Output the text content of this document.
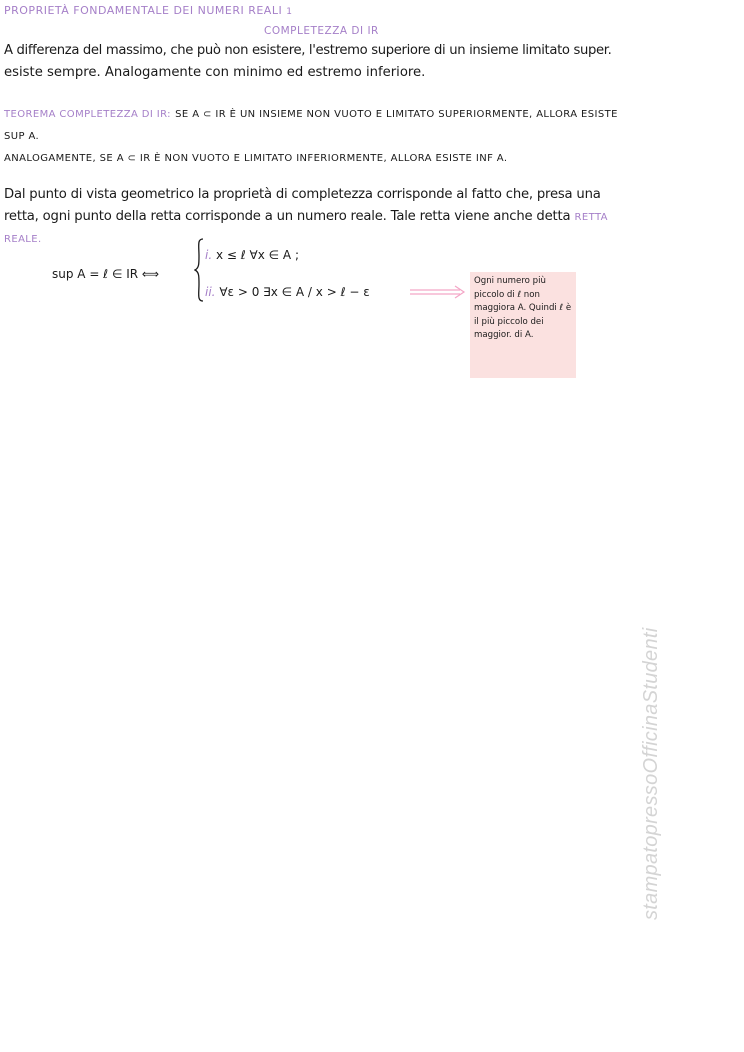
PROPRIETÀ FONDAMENTALE DEI NUMERI REALI 1
COMPLETEZZA DI IR
A differenza del massimo, che può non esistere, l'estremo superiore di un insieme limitato super.
esiste sempre. Analogamente con minimo ed estremo inferiore.
TEOREMA COMPLETEZZA DI IR: SE A ⊂ IR È UN INSIEME NON VUOTO E LIMITATO SUPERIORMENTE, ALLORA ESISTE
SUP A.
ANALOGAMENTE, SE A ⊂ IR È NON VUOTO E LIMITATO INFERIORMENTE, ALLORA ESISTE INF A.
Dal punto di vista geometrico la proprietà di completezza corrisponde al fatto che, presa una
retta, ogni punto della retta corrisponde a un numero reale. Tale retta viene anche detta RETTA
REALE.
sup A = ℓ ∈ IR ⟺
i. x ≤ ℓ ∀x ∈ A ;
ii. ∀ε > 0 ∃x ∈ A / x > ℓ − ε
Ogni numero più piccolo di ℓ non maggiora A. Quindi ℓ è il più piccolo dei maggior. di A.
stampatopressoOfficinaStudenti
